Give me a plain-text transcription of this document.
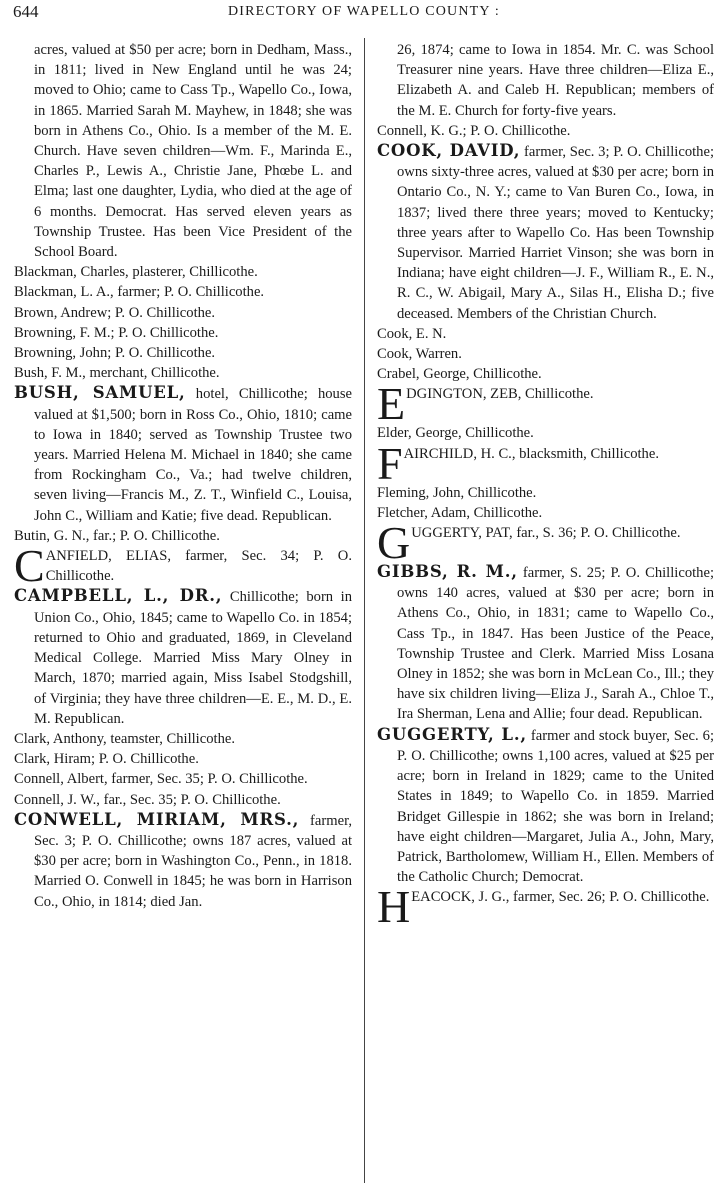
644	DIRECTORY OF WAPELLO COUNTY :

acres, valued at $50 per acre; born in Dedham, Mass., in 1811; lived in New England until he was 24; moved to Ohio; came to Cass Tp., Wapello Co., Iowa, in 1865. Married Sarah M. Mayhew, in 1848; she was born in Athens Co., Ohio. Is a member of the M. E. Church. Have seven children—Wm. F., Marinda E., Charles P., Lewis A., Christie Jane, Phœbe L. and Elma; last one daughter, Lydia, who died at the age of 6 months. Democrat. Has served eleven years as Township Trustee. Has been Vice President of the School Board.

Blackman, Charles, plasterer, Chillicothe.

Blackman, L. A., farmer; P. O. Chillicothe.

Brown, Andrew; P. O. Chillicothe.

Browning, F. M.; P. O. Chillicothe.

Browning, John; P. O. Chillicothe.

Bush, F. M., merchant, Chillicothe.

BUSH, SAMUEL, hotel, Chillicothe; house valued at $1,500; born in Ross Co., Ohio, 1810; came to Iowa in 1840; served as Township Trustee two years. Married Helena M. Michael in 1840; she came from Rockingham Co., Va.; had twelve children, seven living—Francis M., Z. T., Winfield C., Louisa, John C., William and Katie; five dead. Republican.

Butin, G. N., far.; P. O. Chillicothe.

CANFIELD, ELIAS, farmer, Sec. 34; P. O. Chillicothe.

CAMPBELL, L., DR., Chillicothe; born in Union Co., Ohio, 1845; came to Wapello Co. in 1854; returned to Ohio and graduated, 1869, in Cleveland Medical College. Married Miss Mary Olney in March, 1870; married again, Miss Isabel Stodgshill, of Virginia; they have three children—E. E., M. D., E. M. Republican.

Clark, Anthony, teamster, Chillicothe.

Clark, Hiram; P. O. Chillicothe.

Connell, Albert, farmer, Sec. 35; P. O. Chillicothe.

Connell, J. W., far., Sec. 35; P. O. Chillicothe.

CONWELL, MIRIAM, MRS., farmer, Sec. 3; P. O. Chillicothe; owns 187 acres, valued at $30 per acre; born in Washington Co., Penn., in 1818. Married O. Conwell in 1845; he was born in Harrison Co., Ohio, in 1814; died Jan.

26, 1874; came to Iowa in 1854. Mr. C. was School Treasurer nine years. Have three children—Eliza E., Elizabeth A. and Caleb H. Republican; members of the M. E. Church for forty-five years.

Connell, K. G.; P. O. Chillicothe.

COOK, DAVID, farmer, Sec. 3; P. O. Chillicothe; owns sixty-three acres, valued at $30 per acre; born in Ontario Co., N. Y.; came to Van Buren Co., Iowa, in 1837; lived there three years; moved to Kentucky; three years after to Wapello Co. Has been Township Supervisor. Married Harriet Vinson; she was born in Indiana; have eight children—J. F., William R., E. N., R. C., W. Abigail, Mary A., Silas H., Elisha D.; five deceased. Members of the Christian Church.

Cook, E. N.

Cook, Warren.

Crabel, George, Chillicothe.

EDGINGTON, ZEB, Chillicothe.

Elder, George, Chillicothe.

FAIRCHILD, H. C., blacksmith, Chillicothe.

Fleming, John, Chillicothe.

Fletcher, Adam, Chillicothe.

GUGGERTY, PAT, far., S. 36; P. O. Chillicothe.

GIBBS, R. M., farmer, S. 25; P. O. Chillicothe; owns 140 acres, valued at $30 per acre; born in Athens Co., Ohio, in 1831; came to Wapello Co., Cass Tp., in 1847. Has been Justice of the Peace, Township Trustee and Clerk. Married Miss Losana Olney in 1852; she was born in McLean Co., Ill.; they have six children living—Eliza J., Sarah A., Chloe T., Ira Sherman, Lena and Allie; four dead. Republican.

GUGGERTY, L., farmer and stock buyer, Sec. 6; P. O. Chillicothe; owns 1,100 acres, valued at $25 per acre; born in Ireland in 1829; came to the United States in 1849; to Wapello Co. in 1859. Married Bridget Gillespie in 1862; she was born in Ireland; have eight children—Margaret, Julia A., John, Mary, Patrick, Bartholomew, William H., Ellen. Members of the Catholic Church; Democrat.

HEACOCK, J. G., farmer, Sec. 26; P. O. Chillicothe.
